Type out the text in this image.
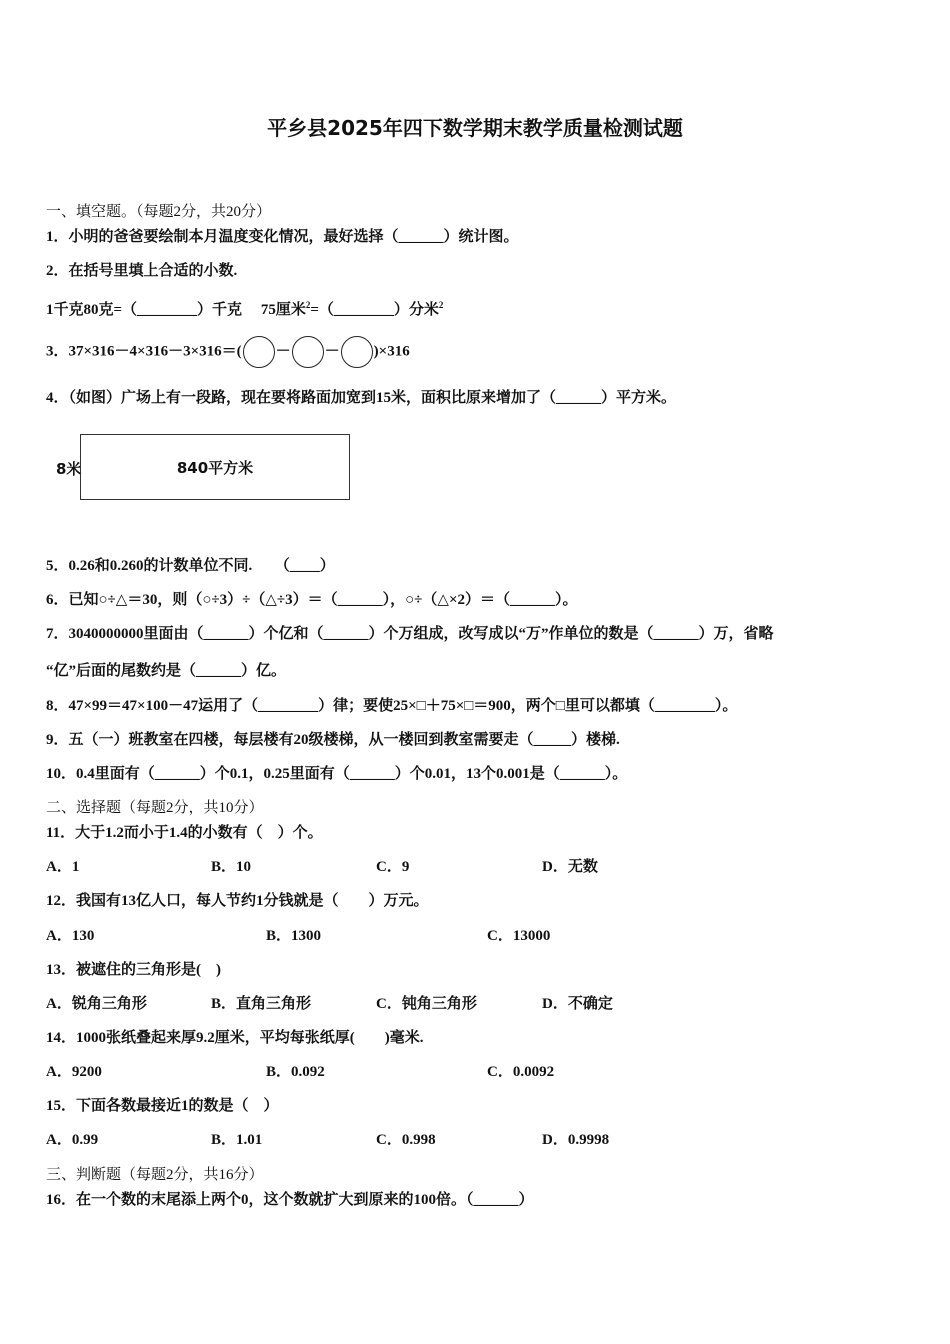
平乡县2025年四下数学期末教学质量检测试题
一、填空题。（每题2分，共20分）
1．小明的爸爸要绘制本月温度变化情况，最好选择（______）统计图。
2．在括号里填上合适的小数.
1千克80克=（________）千克 75厘米$^2$=（________）分米$^2$
3．37×316－4×316－3×316＝( － － )×316
4．（如图）广场上有一段路，现在要将路面加宽到15米，面积比原来增加了（______）平方米。
8米	840平方米
5．0.26和0.260的计数单位不同.　　（____）
6．已知○÷△＝30，则（○÷3）÷（△÷3）＝（______），○÷（△×2）＝（______）。
7．3040000000里面由（______）个亿和（______）个万组成，改写成以“万”作单位的数是（______）万，省略
“亿”后面的尾数约是（______）亿。
8．47×99＝47×100－47运用了（________）律；要使25×□＋75×□＝900，两个□里可以都填（________）。
9．五（一）班教室在四楼，每层楼有20级楼梯，从一楼回到教室需要走（_____）楼梯.
10．0.4里面有（______）个0.1，0.25里面有（______）个0.01，13个0.001是（______）。
二、选择题（每题2分，共10分）
11．大于1.2而小于1.4的小数有（　）个。
A．1	B．10	C．9	D．无数
12．我国有13亿人口，每人节约1分钱就是（　　）万元。
A．130	B．1300	C．13000
13．被遮住的三角形是(　)
A．锐角三角形	B．直角三角形	C．钝角三角形	D．不确定
14．1000张纸叠起来厚9.2厘米，平均每张纸厚(　　)毫米.
A．9200	B．0.092	C．0.0092
15．下面各数最接近1的数是（　）
A．0.99	B．1.01	C．0.998	D．0.9998
三、判断题（每题2分，共16分）
16．在一个数的末尾添上两个0，这个数就扩大到原来的100倍。（______）
